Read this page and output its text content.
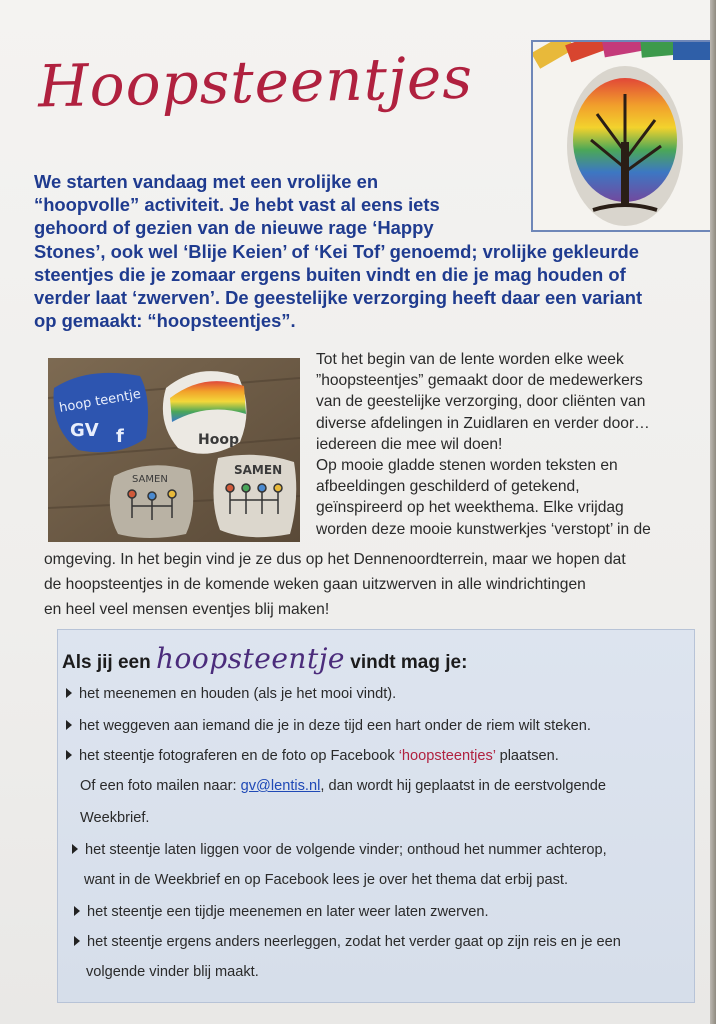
Hoopsteentjes
We starten vandaag met een vrolijke en
“hoopvolle” activiteit. Je hebt vast al eens iets
gehoord of gezien van de nieuwe rage ‘Happy
Stones’, ook wel ‘Blije Keien’ of ‘Kei Tof’ genoemd; vrolijke gekleurde
steentjes die je zomaar ergens buiten vindt en die je mag houden of
verder laat ‘zwerven’. De geestelijke verzorging heeft daar een variant
op gemaakt: “hoopsteentjes”.
hoop teentje
GV f	Hoop
SAMEN
SAMEN
Tot het begin van de lente worden elke week
”hoopsteentjes” gemaakt door de medewerkers
van de geestelijke verzorging, door cliënten van
diverse afdelingen in Zuidlaren en verder door…
iedereen die mee wil doen!
Op mooie gladde stenen worden teksten en
afbeeldingen geschilderd of getekend,
geïnspireerd op het weekthema. Elke vrijdag
worden deze mooie kunstwerkjes ‘verstopt’ in de
omgeving. In het begin vind je ze dus op het Dennenoordterrein, maar we hopen dat
de hoopsteentjes in de komende weken gaan uitzwerven in alle windrichtingen
en heel veel mensen eventjes blij maken!
Als jij een hoopsteentje vindt mag je:
het meenemen en houden (als je het mooi vindt).
het weggeven aan iemand die je in deze tijd een hart onder de riem wilt steken.
het steentje fotograferen en de foto op Facebook ‘hoopsteentjes’ plaatsen.
Of een foto mailen naar: gv@lentis.nl, dan wordt hij geplaatst in de eerstvolgende
Weekbrief.
het steentje laten liggen voor de volgende vinder; onthoud het nummer achterop,
want in de Weekbrief en op Facebook lees je over het thema dat erbij past.
het steentje een tijdje meenemen en later weer laten zwerven.
het steentje ergens anders neerleggen, zodat het verder gaat op zijn reis en je een
volgende vinder blij maakt.
